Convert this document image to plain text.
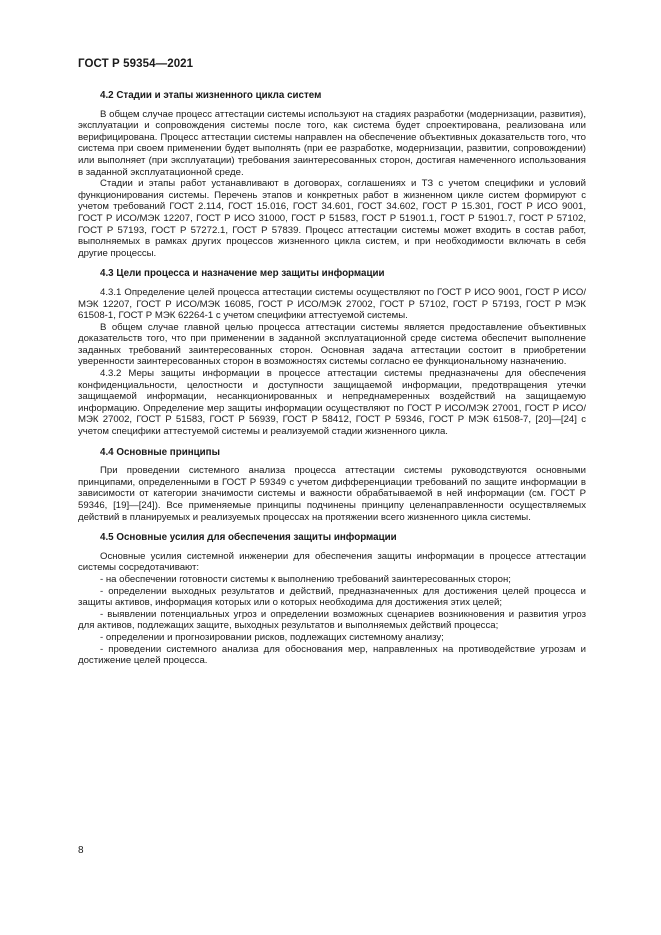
ГОСТ Р 59354—2021
4.2 Стадии и этапы жизненного цикла систем

В общем случае процесс аттестации системы используют на стадиях разработки (модернизации, развития), эксплуатации и сопровождения системы после того, как система будет спроектирована, реализована или верифицирована. Процесс аттестации системы направлен на обеспечение объективных доказательств того, что система при своем применении будет выполнять (при ее разработке, модернизации, развитии, сопровождении) или выполняет (при эксплуатации) требования заинтересованных сторон, достигая намеченного использования в заданной эксплуатационной среде.

Стадии и этапы работ устанавливают в договорах, соглашениях и ТЗ с учетом специфики и условий функционирования системы. Перечень этапов и конкретных работ в жизненном цикле систем формируют с учетом требований ГОСТ 2.114, ГОСТ 15.016, ГОСТ 34.601, ГОСТ 34.602, ГОСТ Р 15.301, ГОСТ Р ИСО 9001, ГОСТ Р ИСО/МЭК 12207, ГОСТ Р ИСО 31000, ГОСТ Р 51583, ГОСТ Р 51901.1, ГОСТ Р 51901.7, ГОСТ Р 57102, ГОСТ Р 57193, ГОСТ Р 57272.1, ГОСТ Р 57839. Процесс аттестации системы может входить в состав работ, выполняемых в рамках других процессов жизненного цикла систем, и при необходимости включать в себя другие процессы.

4.3 Цели процесса и назначение мер защиты информации

4.3.1 Определение целей процесса аттестации системы осуществляют по ГОСТ Р ИСО 9001, ГОСТ Р ИСО/МЭК 12207, ГОСТ Р ИСО/МЭК 16085, ГОСТ Р ИСО/МЭК 27002, ГОСТ Р 57102, ГОСТ Р 57193, ГОСТ Р МЭК 61508-1, ГОСТ Р МЭК 62264-1 с учетом специфики аттестуемой системы.

В общем случае главной целью процесса аттестации системы является предоставление объективных доказательств того, что при применении в заданной эксплуатационной среде система обеспечит выполнение заданных требований заинтересованных сторон. Основная задача аттестации состоит в приобретении уверенности заинтересованных сторон в возможностях системы согласно ее функциональному назначению.

4.3.2 Меры защиты информации в процессе аттестации системы предназначены для обеспечения конфиденциальности, целостности и доступности защищаемой информации, предотвращения утечки защищаемой информации, несанкционированных и непреднамеренных воздействий на защищаемую информацию. Определение мер защиты информации осуществляют по ГОСТ Р ИСО/МЭК 27001, ГОСТ Р ИСО/МЭК 27002, ГОСТ Р 51583, ГОСТ Р 56939, ГОСТ Р 58412, ГОСТ Р 59346, ГОСТ Р МЭК 61508-7, [20]—[24] с учетом специфики аттестуемой системы и реализуемой стадии жизненного цикла.

4.4 Основные принципы

При проведении системного анализа процесса аттестации системы руководствуются основными принципами, определенными в ГОСТ Р 59349 с учетом дифференциации требований по защите информации в зависимости от категории значимости системы и важности обрабатываемой в ней информации (см. ГОСТ Р 59346, [19]—[24]). Все применяемые принципы подчинены принципу целенаправленности осуществляемых действий в планируемых и реализуемых процессах на протяжении всего жизненного цикла системы.

4.5 Основные усилия для обеспечения защиты информации

Основные усилия системной инженерии для обеспечения защиты информации в процессе аттестации системы сосредотачивают:

- на обеспечении готовности системы к выполнению требований заинтересованных сторон;
- определении выходных результатов и действий, предназначенных для достижения целей процесса и защиты активов, информация которых или о которых необходима для достижения этих целей;
- выявлении потенциальных угроз и определении возможных сценариев возникновения и развития угроз для активов, подлежащих защите, выходных результатов и выполняемых действий процесса;
- определении и прогнозировании рисков, подлежащих системному анализу;
- проведении системного анализа для обоснования мер, направленных на противодействие угрозам и достижение целей процесса.
8
